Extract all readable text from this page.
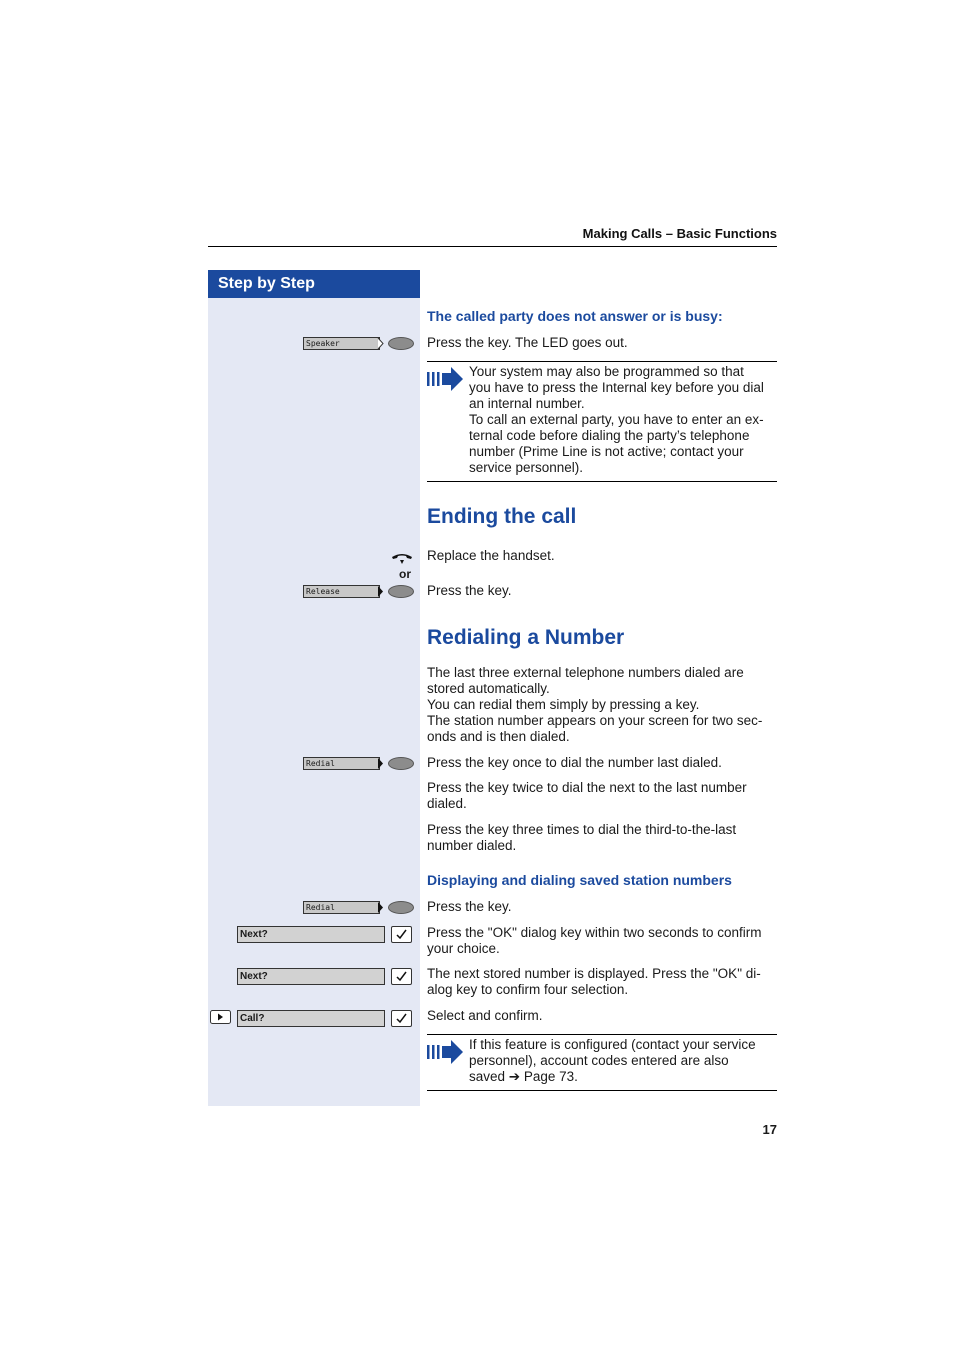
Making Calls – Basic Functions
Step by Step
The called party does not answer or is busy:
Speaker	Press the key. The LED goes out.
Your system may also be programmed so that
you have to press the Internal key before you dial
an internal number.
To call an external party, you have to enter an ex-
ternal code before dialing the party’s telephone
number (Prime Line is not active; contact your
service personnel).
Ending the call
Replace the handset.
or
Release	Press the key.
Redialing a Number
The last three external telephone numbers dialed are
stored automatically.
You can redial them simply by pressing a key.
The station number appears on your screen for two sec-
onds and is then dialed.
Redial	Press the key once to dial the number last dialed.
Press the key twice to dial the next to the last number
dialed.
Press the key three times to dial the third-to-the-last
number dialed.
Displaying and dialing saved station numbers
Redial	Press the key.
Next?	Press the "OK" dialog key within two seconds to confirm
your choice.
Next?	The next stored number is displayed. Press the "OK" di-
alog key to confirm four selection.
Call?	Select and confirm.
If this feature is configured (contact your service
personnel), account codes entered are also
saved ➔ Page 73.
17
